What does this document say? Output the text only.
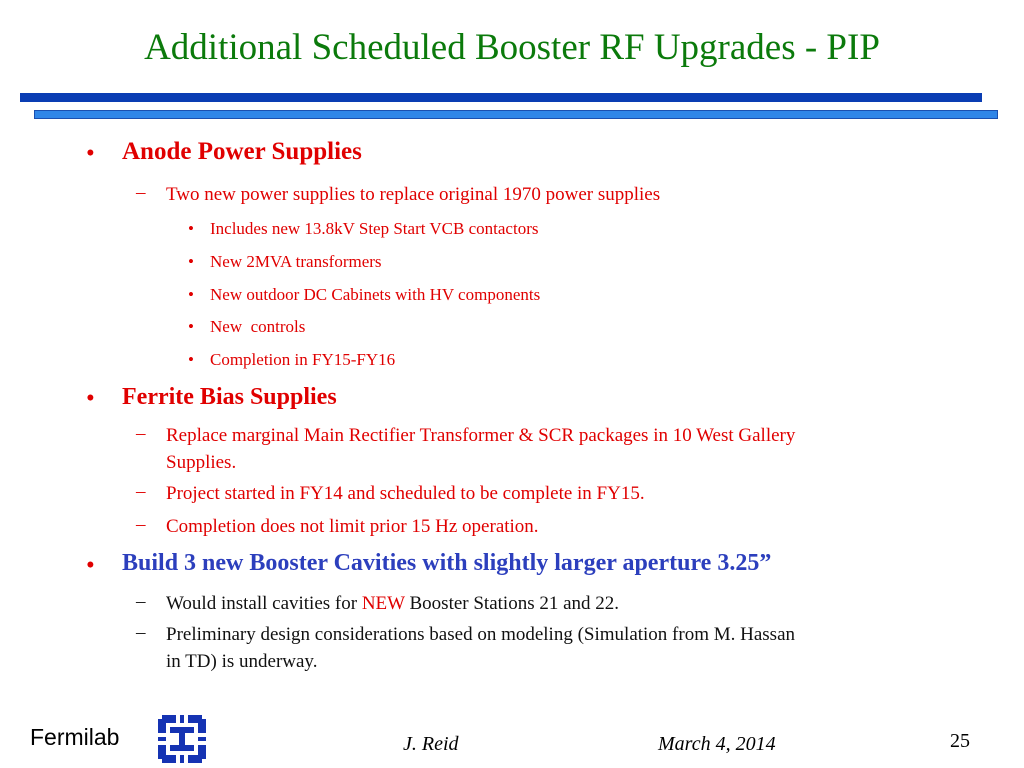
Additional Scheduled Booster RF Upgrades - PIP
• Anode Power Supplies
– Two new power supplies to replace original 1970 power supplies
• Includes new 13.8kV Step Start VCB contactors
• New 2MVA transformers
• New outdoor DC Cabinets with HV components
• New  controls
• Completion in FY15-FY16
• Ferrite Bias Supplies
– Replace marginal Main Rectifier Transformer & SCR packages in 10 West Gallery
Supplies.
– Project started in FY14 and scheduled to be complete in FY15.
– Completion does not limit prior 15 Hz operation.
• Build 3 new Booster Cavities with slightly larger aperture 3.25”
– Would install cavities for NEW Booster Stations 21 and 22.
– Preliminary design considerations based on modeling (Simulation from M. Hassan
in TD) is underway.
Fermilab	J. Reid	March 4, 2014	25
